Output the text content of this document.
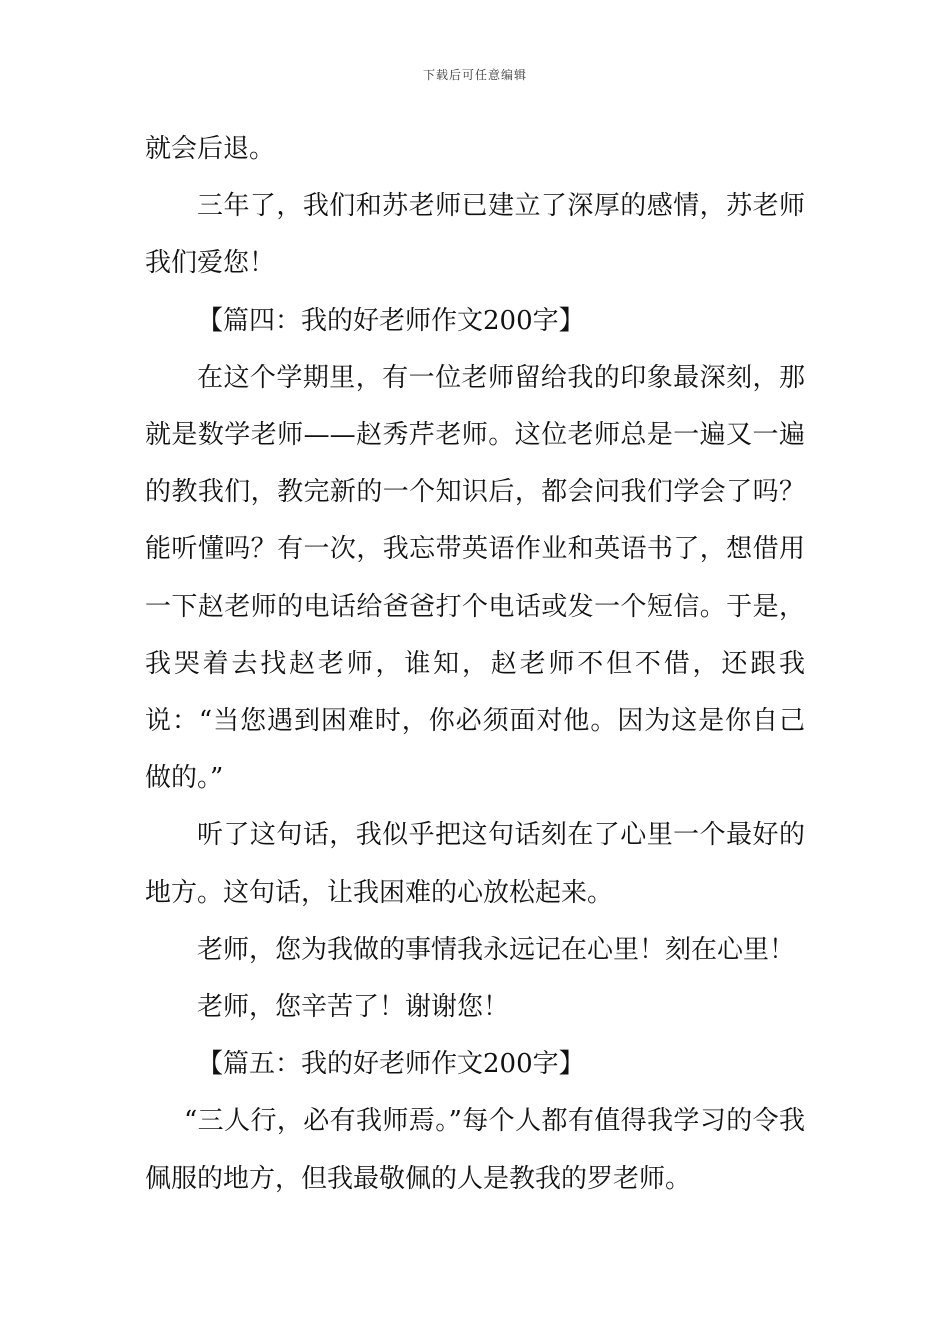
下载后可任意编辑

就会后退。

三年了，我们和苏老师已建立了深厚的感情，苏老师我们爱您！

【篇四：我的好老师作文200字】

在这个学期里，有一位老师留给我的印象最深刻，那就是数学老师——赵秀芹老师。这位老师总是一遍又一遍的教我们，教完新的一个知识后，都会问我们学会了吗？能听懂吗？有一次，我忘带英语作业和英语书了，想借用一下赵老师的电话给爸爸打个电话或发一个短信。于是，我哭着去找赵老师，谁知，赵老师不但不借，还跟我说：“当您遇到困难时，你必须面对他。因为这是你自己做的。”

听了这句话，我似乎把这句话刻在了心里一个最好的地方。这句话，让我困难的心放松起来。

老师，您为我做的事情我永远记在心里！刻在心里！

老师，您辛苦了！谢谢您！

【篇五：我的好老师作文200字】

“三人行，必有我师焉。”每个人都有值得我学习的令我佩服的地方，但我最敬佩的人是教我的罗老师。
